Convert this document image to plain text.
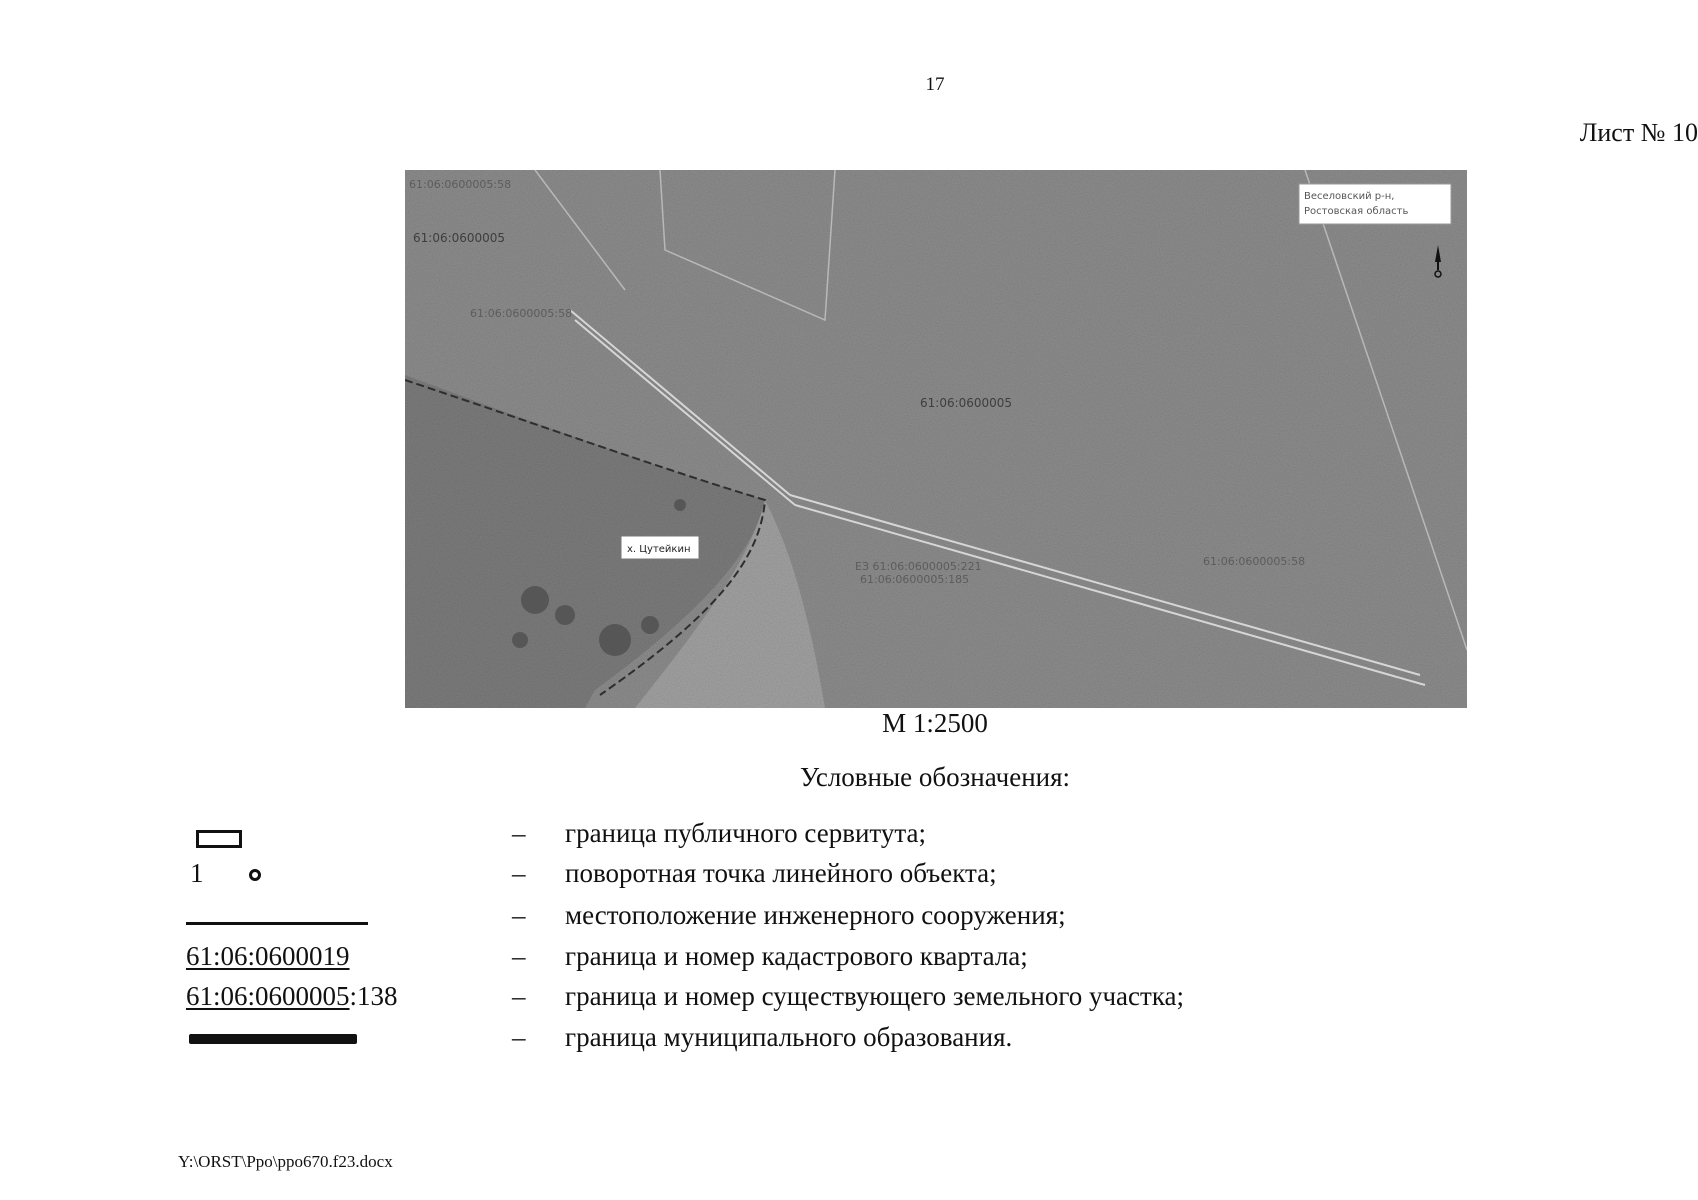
17
Лист № 10
61:06:0600005:58
61:06:0600005
61:06:0600005:58
61:06:0600005
ЕЗ 61:06:0600005:221
61:06:0600005:185
61:06:0600005:58
х. Цутейкин
Веселовский р-н,
Ростовская область
М 1:2500
Условные обозначения:
– граница публичного сервитута;
1	– поворотная точка линейного объекта;
– местоположение инженерного сооружения;
61:06:0600019	– граница и номер кадастрового квартала;
61:06:0600005:138	– граница и номер существующего земельного участка;
– граница муниципального образования.
Y:\ORST\Ppo\ppo670.f23.docx
